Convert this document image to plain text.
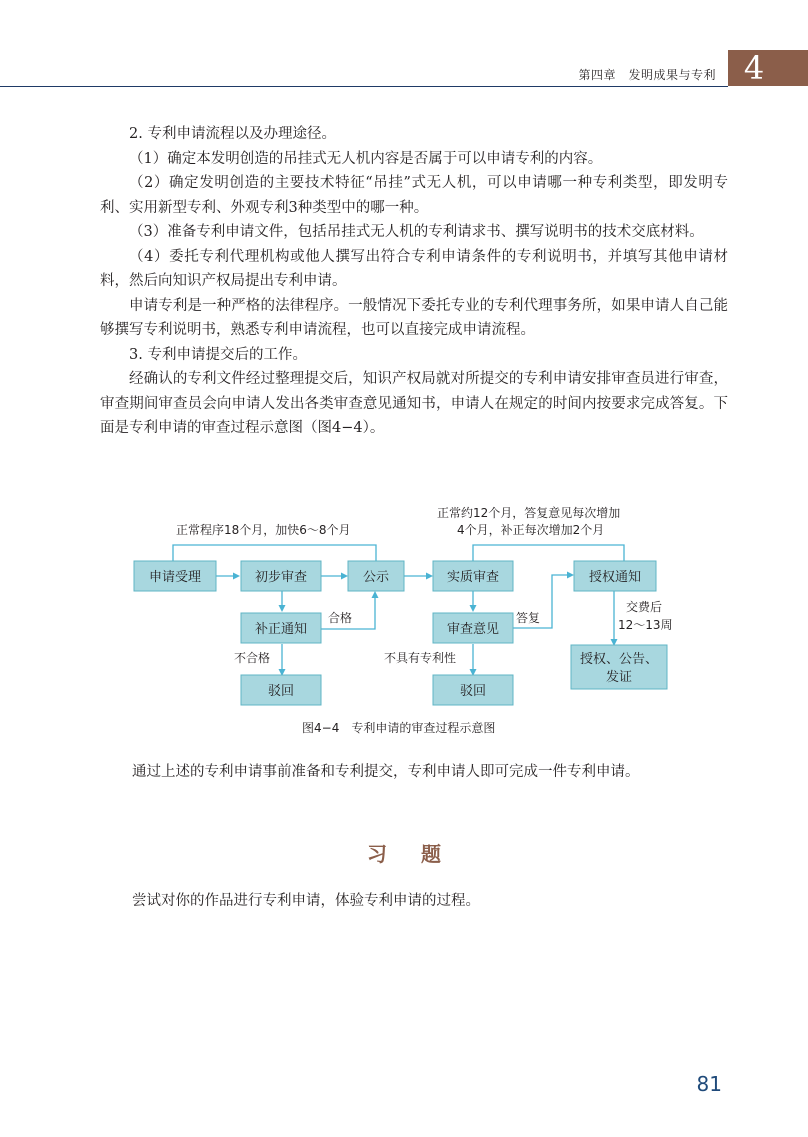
第四章　发明成果与专利 4

2. 专利申请流程以及办理途径。

（1）确定本发明创造的吊挂式无人机内容是否属于可以申请专利的内容。

（2）确定发明创造的主要技术特征“吊挂”式无人机，可以申请哪一种专利类型，即发明专利、实用新型专利、外观专利3种类型中的哪一种。

（3）准备专利申请文件，包括吊挂式无人机的专利请求书、撰写说明书的技术交底材料。

（4）委托专利代理机构或他人撰写出符合专利申请条件的专利说明书，并填写其他申请材料，然后向知识产权局提出专利申请。

申请专利是一种严格的法律程序。一般情况下委托专业的专利代理事务所，如果申请人自己能够撰写专利说明书，熟悉专利申请流程，也可以直接完成申请流程。

3. 专利申请提交后的工作。

经确认的专利文件经过整理提交后，知识产权局就对所提交的专利申请安排审查员进行审查，审查期间审查员会向申请人发出各类审查意见通知书，申请人在规定的时间内按要求完成答复。下面是专利申请的审查过程示意图（图4−4）。

正常程序18个月，加快6～8个月
正常约12个月，答复意见每次增加
4个月，补正每次增加2个月
合格
不合格
答复
不具有专利性
交费后
12～13周
申请受理	初步审查	公示	实质审查	授权通知
补正通知	审查意见
驳回	驳回
授权、公告、
发证
图4−4　专利申请的审查过程示意图
通过上述的专利申请事前准备和专利提交，专利申请人即可完成一件专利申请。
习题
尝试对你的作品进行专利申请，体验专利申请的过程。
81
